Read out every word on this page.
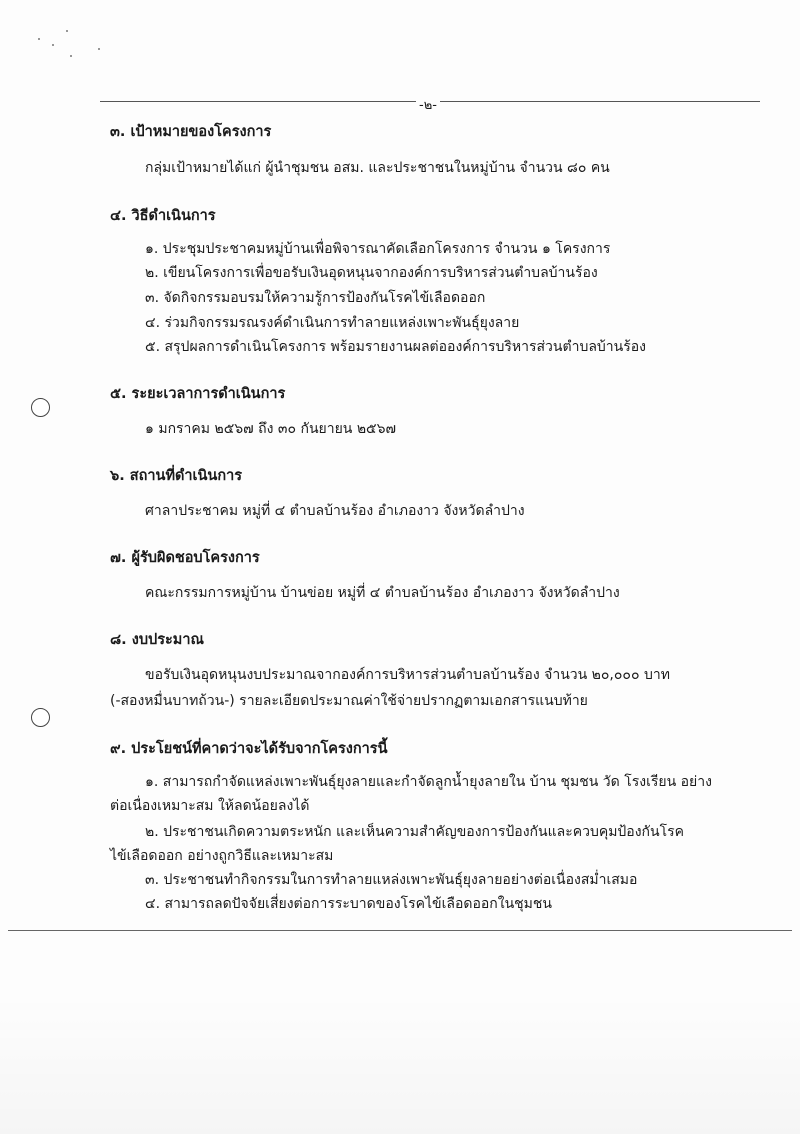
-๒-
๓. เป้าหมายของโครงการ
กลุ่มเป้าหมายได้แก่ ผู้นำชุมชน อสม. และประชาชนในหมู่บ้าน จำนวน ๘๐ คน
๔. วิธีดำเนินการ
๑. ประชุมประชาคมหมู่บ้านเพื่อพิจารณาคัดเลือกโครงการ จำนวน ๑ โครงการ
๒. เขียนโครงการเพื่อขอรับเงินอุดหนุนจากองค์การบริหารส่วนตำบลบ้านร้อง
๓. จัดกิจกรรมอบรมให้ความรู้การป้องกันโรคไข้เลือดออก
๔. ร่วมกิจกรรมรณรงค์ดำเนินการทำลายแหล่งเพาะพันธุ์ยุงลาย
๕. สรุปผลการดำเนินโครงการ พร้อมรายงานผลต่อองค์การบริหารส่วนตำบลบ้านร้อง
๕. ระยะเวลาการดำเนินการ
๑ มกราคม ๒๕๖๗ ถึง ๓๐ กันยายน ๒๕๖๗
๖. สถานที่ดำเนินการ
ศาลาประชาคม หมู่ที่ ๔ ตำบลบ้านร้อง อำเภองาว จังหวัดลำปาง
๗. ผู้รับผิดชอบโครงการ
คณะกรรมการหมู่บ้าน บ้านข่อย หมู่ที่ ๔ ตำบลบ้านร้อง อำเภองาว จังหวัดลำปาง
๘. งบประมาณ
ขอรับเงินอุดหนุนงบประมาณจากองค์การบริหารส่วนตำบลบ้านร้อง จำนวน ๒๐,๐๐๐ บาท
(-สองหมื่นบาทถ้วน-) รายละเอียดประมาณค่าใช้จ่ายปรากฏตามเอกสารแนบท้าย
๙. ประโยชน์ที่คาดว่าจะได้รับจากโครงการนี้
๑. สามารถกำจัดแหล่งเพาะพันธุ์ยุงลายและกำจัดลูกน้ำยุงลายใน บ้าน ชุมชน วัด โรงเรียน อย่าง
ต่อเนื่องเหมาะสม ให้ลดน้อยลงได้
๒. ประชาชนเกิดความตระหนัก และเห็นความสำคัญของการป้องกันและควบคุมป้องกันโรค
ไข้เลือดออก อย่างถูกวิธีและเหมาะสม
๓. ประชาชนทำกิจกรรมในการทำลายแหล่งเพาะพันธุ์ยุงลายอย่างต่อเนื่องสม่ำเสมอ
๔. สามารถลดปัจจัยเสี่ยงต่อการระบาดของโรคไข้เลือดออกในชุมชน
